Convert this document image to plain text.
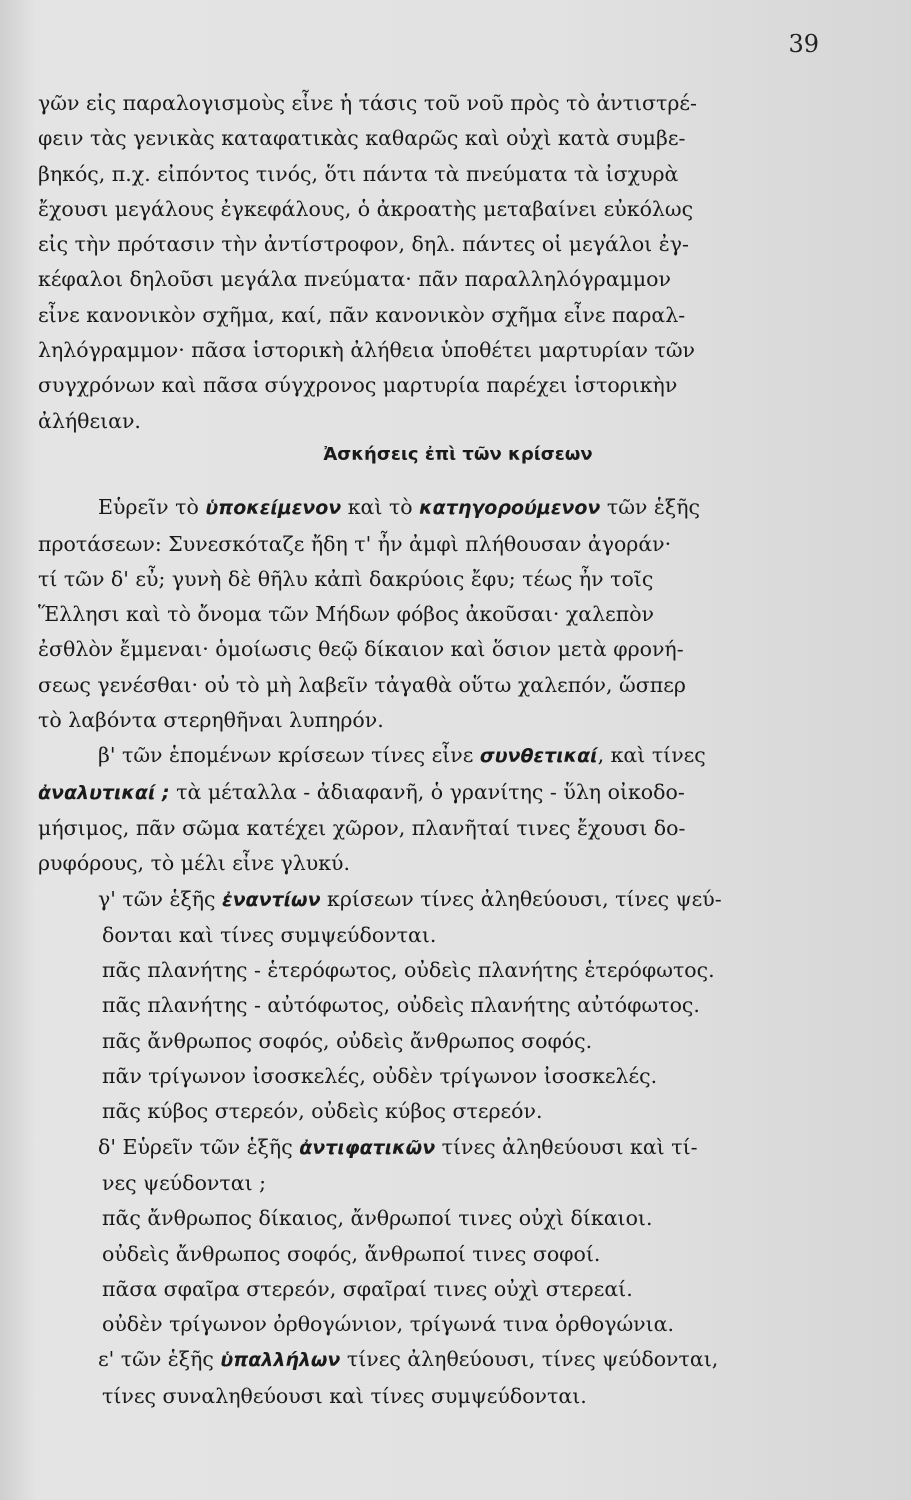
39
γῶν εἰς παραλογισμοὺς εἶνε ἡ τάσις τοῦ νοῦ πρὸς τὸ ἀντιστρέ-
φειν τὰς γενικὰς καταφατικὰς καθαρῶς καὶ οὐχὶ κατὰ συμβε-
βηκός, π.χ. εἰπόντος τινός, ὅτι πάντα τὰ πνεύματα τὰ ἰσχυρὰ
ἔχουσι μεγάλους ἐγκεφάλους, ὁ ἀκροατὴς μεταβαίνει εὐκόλως
εἰς τὴν πρότασιν τὴν ἀντίστροφον, δηλ. πάντες οἱ μεγάλοι ἐγ-
κέφαλοι δηλοῦσι μεγάλα πνεύματα· πᾶν παραλληλόγραμμον
εἶνε κανονικὸν σχῆμα, καί, πᾶν κανονικὸν σχῆμα εἶνε παραλ-
ληλόγραμμον· πᾶσα ἱστορικὴ ἀλήθεια ὑποθέτει μαρτυρίαν τῶν
συγχρόνων καὶ πᾶσα σύγχρονος μαρτυρία παρέχει ἱστορικὴν
ἀλήθειαν.
Ἀσκήσεις ἐπὶ τῶν κρίσεων
Εὑρεῖν τὸ ὑποκείμενον καὶ τὸ κατηγορούμενον τῶν ἑξῆς
προτάσεων: Συνεσκόταζε ἤδη τ' ἦν ἀμφὶ πλήθουσαν ἀγοράν·
τί τῶν δ' εὖ; γυνὴ δὲ θῆλυ κἀπὶ δακρύοις ἔφυ; τέως ἦν τοῖς
Ἕλλησι καὶ τὸ ὄνομα τῶν Μήδων φόβος ἀκοῦσαι· χαλεπὸν
ἐσθλὸν ἔμμεναι· ὁμοίωσις θεῷ δίκαιον καὶ ὅσιον μετὰ φρονή-
σεως γενέσθαι· οὐ τὸ μὴ λαβεῖν τἀγαθὰ οὕτω χαλεπόν, ὥσπερ
τὸ λαβόντα στερηθῆναι λυπηρόν.
β' τῶν ἑπομένων κρίσεων τίνες εἶνε συνθετικαί, καὶ τίνες
ἀναλυτικαί ; τὰ μέταλλα - ἀδιαφανῆ, ὁ γρανίτης - ὕλη οἰκοδο-
μήσιμος, πᾶν σῶμα κατέχει χῶρον, πλανῆταί τινες ἔχουσι δο-
ρυφόρους, τὸ μέλι εἶνε γλυκύ.
γ' τῶν ἑξῆς ἐναντίων κρίσεων τίνες ἀληθεύουσι, τίνες ψεύ-
δονται καὶ τίνες συμψεύδονται.
πᾶς πλανήτης - ἑτερόφωτος, οὐδεὶς πλανήτης ἑτερόφωτος.
πᾶς πλανήτης - αὐτόφωτος, οὐδεὶς πλανήτης αὐτόφωτος.
πᾶς ἄνθρωπος σοφός, οὐδεὶς ἄνθρωπος σοφός.
πᾶν τρίγωνον ἰσοσκελές, οὐδὲν τρίγωνον ἰσοσκελές.
πᾶς κύβος στερεόν, οὐδεὶς κύβος στερεόν.
δ' Εὑρεῖν τῶν ἑξῆς ἀντιφατικῶν τίνες ἀληθεύουσι καὶ τί-
νες ψεύδονται ;
πᾶς ἄνθρωπος δίκαιος, ἄνθρωποί τινες οὐχὶ δίκαιοι.
οὐδεὶς ἄνθρωπος σοφός, ἄνθρωποί τινες σοφοί.
πᾶσα σφαῖρα στερεόν, σφαῖραί τινες οὐχὶ στερεαί.
οὐδὲν τρίγωνον ὀρθογώνιον, τρίγωνά τινα ὀρθογώνια.
ε' τῶν ἑξῆς ὑπαλλήλων τίνες ἀληθεύουσι, τίνες ψεύδονται,
τίνες συναληθεύουσι καὶ τίνες συμψεύδονται.
